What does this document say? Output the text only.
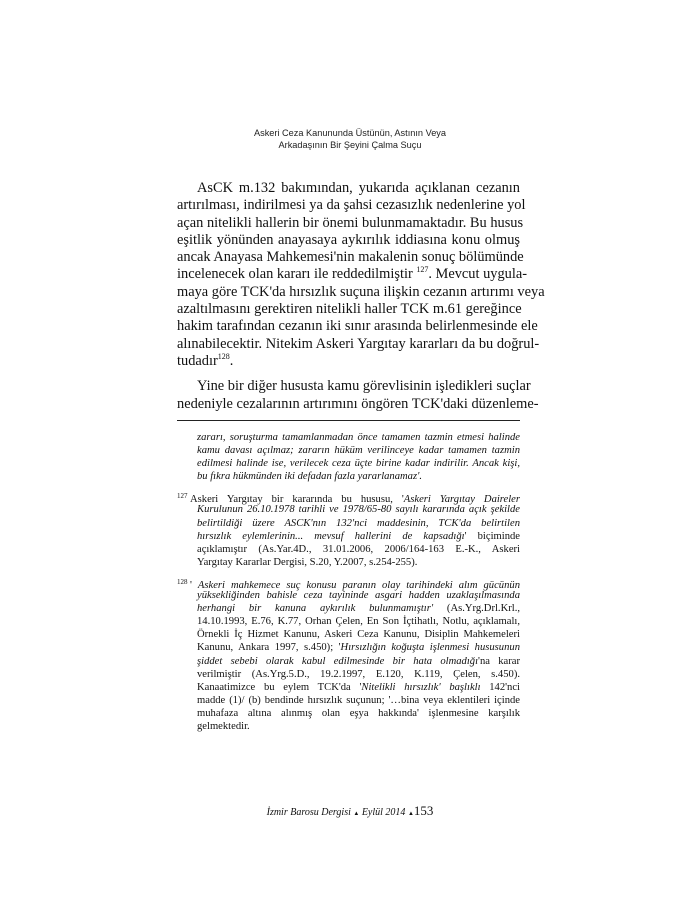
Askeri Ceza Kanununda Üstünün, Astının Veya
Arkadaşının Bir Şeyini Çalma Suçu
AsCK m.132 bakımından, yukarıda açıklanan cezanın
artırılması, indirilmesi ya da şahsi cezasızlık nedenlerine yol
açan nitelikli hallerin bir önemi bulunmamaktadır. Bu husus
eşitlik yönünden anayasaya aykırılık iddiasına konu olmuş
ancak Anayasa Mahkemesi'nin makalenin sonuç bölümünde
incelenecek olan kararı ile reddedilmiştir $^{127}$. Mevcut uygula-
maya göre TCK'da hırsızlık suçuna ilişkin cezanın artırımı veya
azaltılmasını gerektiren nitelikli haller TCK m.61 gereğince
hakim tarafından cezanın iki sınır arasında belirlenmesinde ele
alınabilecektir. Nitekim Askeri Yargıtay kararları da bu doğrul-
tudadır$^{128}$.
Yine bir diğer hususta kamu görevlisinin işledikleri suçlar
nedeniyle cezalarının artırımını öngören TCK'daki düzenleme-
zararı, soruşturma tamamlanmadan önce tamamen tazmin etmesi halinde
kamu davası açılmaz; zararın hüküm verilinceye kadar tamamen tazmin
edilmesi halinde ise, verilecek ceza üçte birine kadar indirilir. Ancak kişi,
bu fıkra hükmünden iki defadan fazla yararlanamaz'.
127 Askeri Yargıtay bir kararında bu hususu, 'Askeri Yargıtay Daireler
Kurulunun 26.10.1978 tarihli ve 1978/65-80 sayılı kararında açık şekilde
belirtildiği üzere ASCK'nın 132'nci maddesinin, TCK'da belirtilen
hırsızlık eylemlerinin... mevsuf hallerini de kapsadığı' biçiminde
açıklamıştır (As.Yar.4D., 31.01.2006, 2006/164-163 E.-K., Askeri
Yargıtay Kararlar Dergisi, S.20, Y.2007, s.254-255).
128 ' Askeri mahkemece suç konusu paranın olay tarihindeki alım gücünün
yüksekliğinden bahisle ceza tayininde asgari hadden uzaklaşılmasında
herhangi bir kanuna aykırılık bulunmamıştır' (As.Yrg.Drl.Krl.,
14.10.1993, E.76, K.77, Orhan Çelen, En Son İçtihatlı, Notlu, açıklamalı,
Örnekli İç Hizmet Kanunu, Askeri Ceza Kanunu, Disiplin Mahkemeleri
Kanunu, Ankara 1997, s.450); 'Hırsızlığın koğuşta işlenmesi hususunun
şiddet sebebi olarak kabul edilmesinde bir hata olmadığı'na karar
verilmiştir (As.Yrg.5.D., 19.2.1997, E.120, K.119, Çelen, s.450).
Kanaatimizce bu eylem TCK'da 'Nitelikli hırsızlık' başlıklı 142'nci
madde (1)/ (b) bendinde hırsızlık suçunun; '…bina veya eklentileri içinde
muhafaza altına alınmış olan eşya hakkında' işlenmesine karşılık
gelmektedir.
İzmir Barosu Dergisi ▲ Eylül 2014 ▲153
